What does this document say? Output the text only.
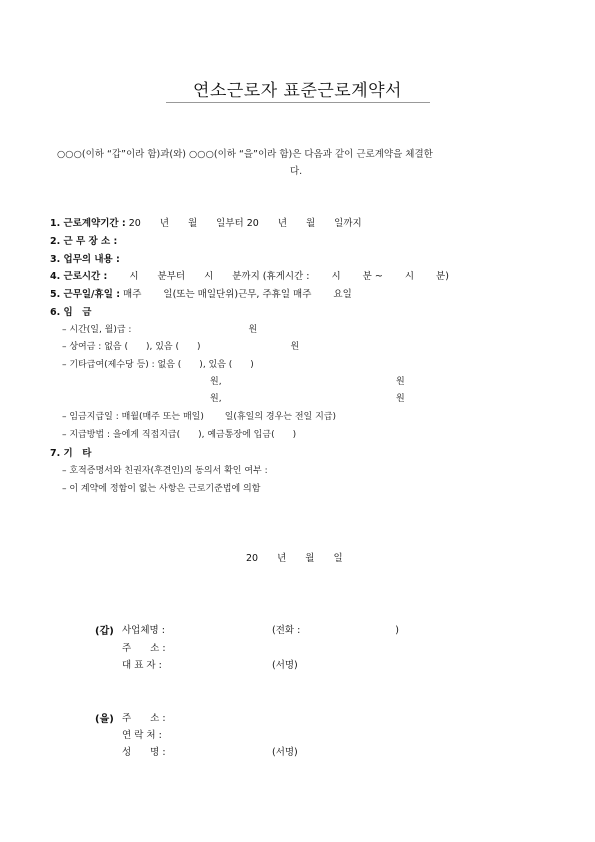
연소근로자 표준근로계약서
○○○(이하 “갑”이라 함)과(와) ○○○(이하 “을”이라 함)은 다음과 같이 근로계약을 체결한
다.
1. 근로계약기간 : 20　　년　　월　　일부터 20　　년　　월　　일까지
2. 근 무 장 소 :
3. 업무의 내용 :
4. 근로시간 : 　　시　　분부터　　시　　분까지 (휴게시간 :　　 시　　 분 ~　　 시　　 분)
5. 근무일/휴일 : 매주　　 일(또는 매일단위)근무, 주휴일 매주　　 요일
6. 임　금
– 시간(일, 월)급 :　　　　　　　　　　　　　원
– 상여금 : 없음 (　　), 있음 (　　)　　　　　　　　　　원
– 기타급여(제수당 등) : 없음 (　　), 있음 (　　)
원,	원
원,	원
– 임금지급일 : 매월(매주 또는 매일)　　 일(휴일의 경우는 전일 지급)
– 지급방법 : 을에게 직접지급(　　), 예금통장에 입금(　　)
7. 기　타
– 호적증명서와 친권자(후견인)의 동의서 확인 여부 :
– 이 계약에 정함이 없는 사항은 근로기준법에 의함
20　　년　　월　　일
(갑) 사업체명 :	(전화 :　　　　　　　　　　)
주　　소 :
대 표 자 :	(서명)
(을) 주　　소 :
연 락 처 :
성　　명 :	(서명)
